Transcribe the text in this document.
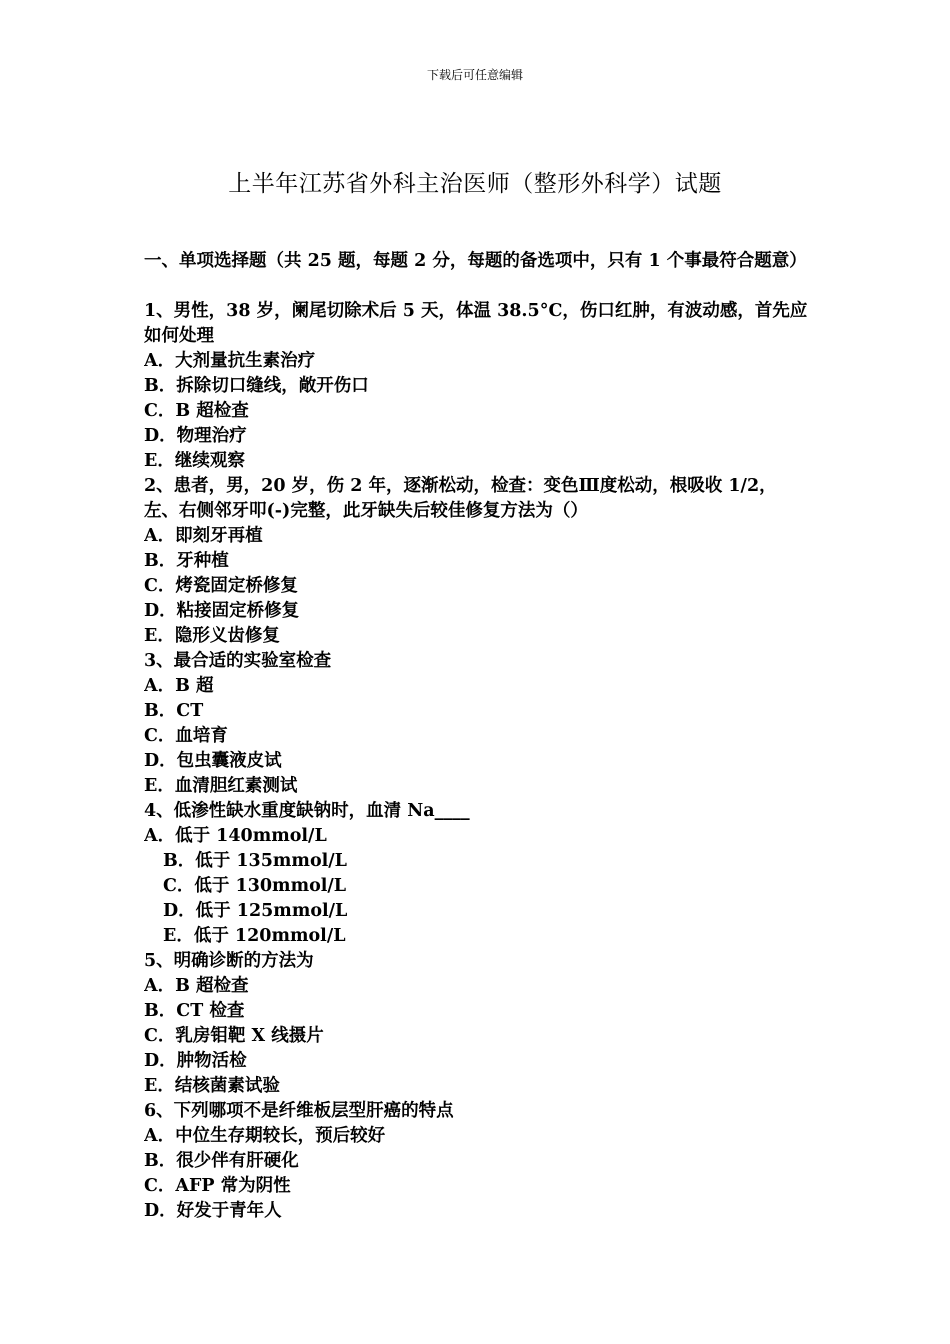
下载后可任意编辑
上半年江苏省外科主治医师（整形外科学）试题
一、单项选择题（共 25 题，每题 2 分，每题的备选项中，只有 1 个事最符合题意）
1、男性，38 岁，阑尾切除术后 5 天，体温 38.5°C，伤口红肿，有波动感，首先应如何处理
A．大剂量抗生素治疗
B．拆除切口缝线，敞开伤口
C．B 超检查
D．物理治疗
E．继续观察
2、患者，男，20 岁，伤 2 年，逐渐松动，检查：变色Ⅲ度松动，根吸收 1/2，左、右侧邻牙叩(-)完整，此牙缺失后较佳修复方法为（）
A．即刻牙再植
B．牙种植
C．烤瓷固定桥修复
D．粘接固定桥修复
E．隐形义齿修复
3、最合适的实验室检查
A．B 超
B．CT
C．血培育
D．包虫囊液皮试
E．血清胆红素测试
4、低渗性缺水重度缺钠时，血清 Na____
A．低于 140mmol/L
B．低于 135mmol/L
C．低于 130mmol/L
D．低于 125mmol/L
E．低于 120mmol/L
5、明确诊断的方法为
A．B 超检查
B．CT 检查
C．乳房钼靶 X 线摄片
D．肿物活检
E．结核菌素试验
6、下列哪项不是纤维板层型肝癌的特点
A．中位生存期较长，预后较好
B．很少伴有肝硬化
C．AFP 常为阴性
D．好发于青年人
